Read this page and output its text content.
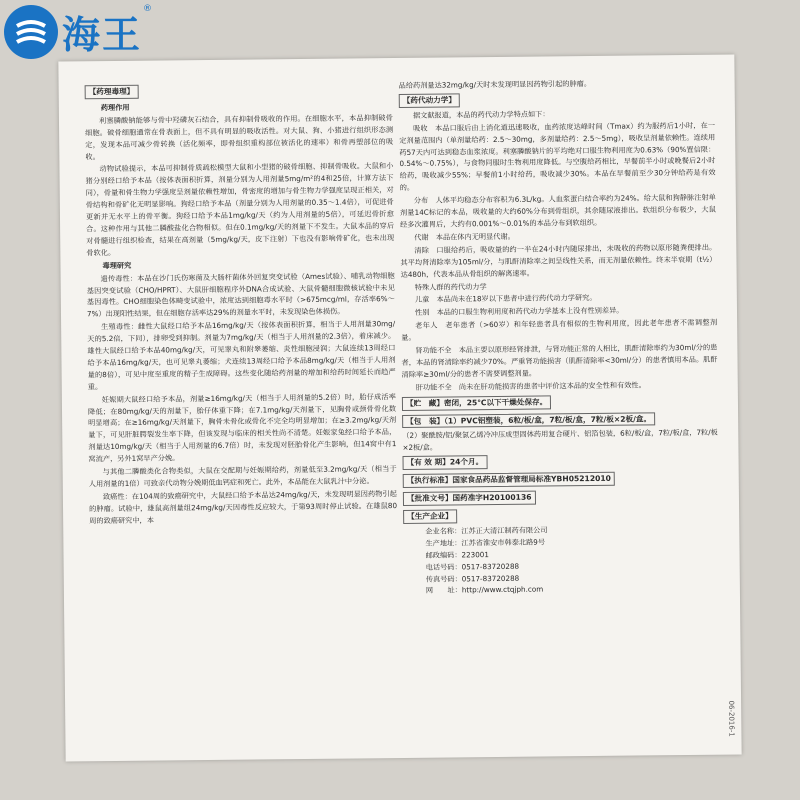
海王
®
【药理毒理】

药理作用
利塞膦酸钠能够与骨中羟磷灰石结合，具有抑制骨吸收的作用。在细胞水平，本品抑制破骨细胞。破骨细胞通常在骨表面上，但不具有明显的吸收活性。对大鼠、狗、小猪进行组织形态测定，发现本品可减少骨转换（活化频率，即骨组织重构部位被活化的速率）和骨再塑部位的吸收。
动物试验提示，本品可抑制骨质疏松模型大鼠和小型猪的破骨细胞、抑制骨吸收。大鼠和小猪分别经口给予本品（按体表面积折算，剂量分别为人用剂量5mg/m²的4和25倍，计算方法下同），骨量和骨生物力学强度呈剂量依赖性增加，骨密度的增加与骨生物力学强度呈现正相关，对骨结构和骨矿化无明显影响。狗经口给予本品（剂量分别为人用剂量的0.35～1.4倍），可促进骨更新并无水平上的骨平衡。狗经口给予本品1mg/kg/天（约为人用剂量的5倍），可延迟骨折愈合。这种作用与其他二膦酸盐化合物相似。但在0.1mg/kg/天的剂量下不发生。大鼠本品的穿后对骨髓进行组织检查，结果在高剂量（5mg/kg/天，皮下注射）下也没有影响骨矿化，也未出现骨软化。
毒理研究
遗传毒性：本品在沙门氏伤寒菌及大肠杆菌体外回复突变试验（Ames试验）、哺乳动物细胞基因突变试验（CHO/HPRT）、大鼠肝细胞程序外DNA合成试验、大鼠骨髓细胞微核试验中未见基因毒性。CHO细胞染色体畸变试验中，浓度达到细胞毒水平时（>675mcg/ml，存活率6%～7%）出现阳性结果，但在细胞存活率达29%的剂量水平时，未发现染色体损伤。
生殖毒性：雌性大鼠经口给予本品16mg/kg/天（按体表面积折算，相当于人用剂量30mg/天的5.2倍，下同），排卵受到抑制。剂量为7mg/kg/天（相当于人用剂量的2.3倍），着床减少。雄性大鼠经口给予本品40mg/kg/天，可见睾丸和附睾萎缩、炎性细胞浸润；大鼠连续13周经口给予本品16mg/kg/天，也可见睾丸萎缩；犬连续13周经口给予本品8mg/kg/天（相当于人用剂量的8倍），可见中度至重度的精子生成障碍。这些变化随给药剂量的增加和给药时间延长而趋严重。
妊娠期大鼠经口给予本品，剂量≥16mg/kg/天（相当于人用剂量的5.2倍）时，胎仔成活率降低；在80mg/kg/天的剂量下，胎仔体重下降；在7.1mg/kg/天剂量下，见胸骨或颈骨骨化数明显增高；在≥16mg/kg/天剂量下，胸骨未骨化或骨化不完全均明显增加；在≥3.2mg/kg/天剂量下，可见肝脏腭裂发生率下降，但该发现与临床的相关性尚不清楚。妊娠家兔经口给予本品，剂量达10mg/kg/天（相当于人用剂量的6.7倍）时，未发现对胚胎骨化产生影响，但14窝中有1窝流产，另外1窝早产分娩。
与其他二膦酸类化合物类似，大鼠在交配期与妊娠期给药，剂量低至3.2mg/kg/天（相当于人用剂量的1倍）可致亲代动物分娩期低血钙症和死亡。此外，本品能在大鼠乳汁中分泌。
致癌性：在104周的致癌研究中，大鼠经口给予本品达24mg/kg/天，未发现明显因药物引起的肿瘤。试验中，雄鼠高剂量组24mg/kg/天因毒性反应较大，于第93周时停止试验。在雄鼠80周的致癌研究中，本
品给药剂量达32mg/kg/天时未发现明显因药物引起的肿瘤。
【药代动力学】

据文献报道，本品的药代动力学特点如下：
吸收　本品口服后由上消化道迅速吸收，血药浓度达峰时间（Tmax）约为服药后1小时，在一定剂量范围内（单剂量给药：2.5～30mg，多剂量给药：2.5～5mg），吸收呈剂量依赖性。连续用药57天内可达到稳态血浆浓度。利塞膦酸钠片的平均绝对口服生物利用度为0.63%（90%置信限：0.54%～0.75%），与食物同服时生物利用度降低。与空腹给药相比，早餐前半小时或晚餐后2小时给药，吸收减少55%；早餐前1小时给药，吸收减少30%。本品在早餐前至少30分钟给药是有效的。
分布　人体平均稳态分布容积为6.3L/kg。人血浆蛋白结合率约为24%。给大鼠和狗静脉注射单剂量14C标记的本品，吸收量的大约60%分布到骨组织，其余随尿液排出。软组织分布极少，大鼠经多次灌胃后，大约有0.001%～0.01%的本品分布到软组织。
代谢　本品在体内无明显代谢。
清除　口服给药后，吸收量的约一半在24小时内随尿排出，未吸收的药物以原形随粪便排出。其平均肾清除率为105ml/分，与肌酐清除率之间呈线性关系，而无剂量依赖性。终末半衰期（t½）达480h，代表本品从骨组织的解离速率。
特殊人群的药代动力学
儿童　本品尚未在18岁以下患者中进行药代动力学研究。
性别　本品的口服生物利用度和药代动力学基本上没有性别差异。
老年人　老年患者（>60岁）和年轻患者具有相似的生物利用度，因此老年患者不需调整剂量。
肾功能不全　本品主要以原形经肾排泄，与肾功能正常的人相比，肌酐清除率约为30ml/分的患者，本品的肾清除率约减少70%。严重肾功能损害（肌酐清除率<30ml/分）的患者慎用本品。肌酐清除率≥30ml/分的患者不需要调整剂量。
肝功能不全　尚未在肝功能损害的患者中评价这本品的安全性和有效性。
【贮　藏】密闭，25℃以下干燥处保存。
【包　装】（1）PVC铝塑装，6粒/板/盒，7粒/板/盒，7粒/板×2板/盒。

（2）聚酰胺/铝/聚氯乙烯冷冲压成型固体药用复合硬片、铝箔包装，6粒/板/盒，7粒/板/盒，7粒/板×2板/盒。
【有 效 期】24个月。
【执行标准】国家食品药品监督管理局标准YBH05212010
【批准文号】国药准字H20100136
【生产企业】

企业名称：江苏正大清江制药有限公司
生产地址：江苏省淮安市韩泰北路9号
邮政编码：223001
电话号码：0517-83720288
传真号码：0517-83720288
网　　址：http://www.ctqjph.com
06-2016-1
